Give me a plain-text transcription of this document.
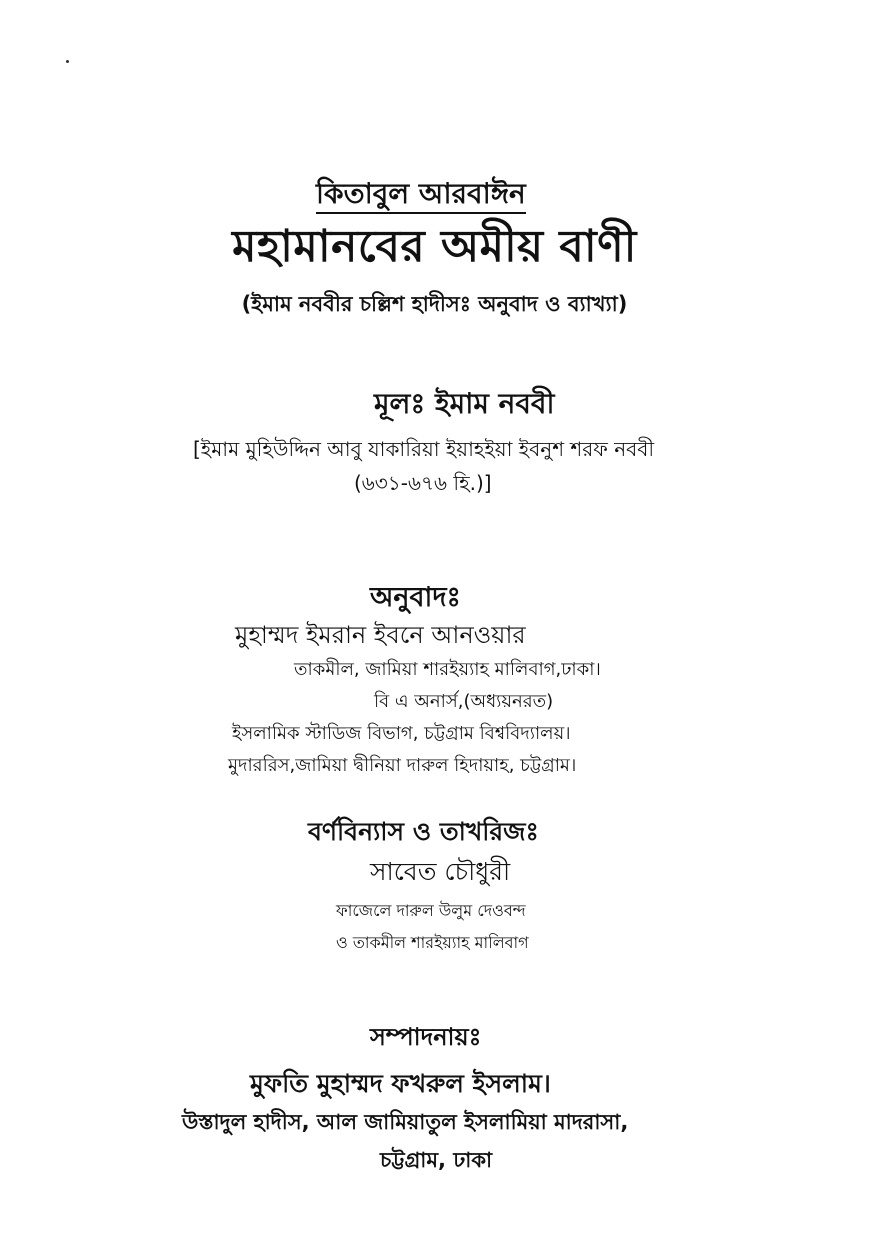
কিতাবুল আরবাঈন
মহামানবের অমীয় বাণী
(ইমাম নববীর চল্লিশ হাদীসঃ অনুবাদ ও ব্যাখ্যা)
মূলঃ ইমাম নববী
[ইমাম মুহিউদ্দিন আবু যাকারিয়া ইয়াহইয়া ইবনুশ শরফ নববী
(৬৩১-৬৭৬ হি.)]
অনুবাদঃ
মুহাম্মদ ইমরান ইবনে আনওয়ার
তাকমীল, জামিয়া শারইয়্যাহ মালিবাগ,ঢাকা।
বি এ অনার্স,(অধ্যয়নরত)
ইসলামিক স্টাডিজ বিভাগ, চট্টগ্রাম বিশ্ববিদ্যালয়।
মুদাররিস,জামিয়া দ্বীনিয়া দারুল হিদায়াহ, চট্টগ্রাম।
বর্ণবিন্যাস ও তাখরিজঃ
সাবেত চৌধুরী
ফাজেলে দারুল উলুম দেওবন্দ
ও তাকমীল শারইয়্যাহ মালিবাগ
সম্পাদনায়ঃ
মুফতি মুহাম্মদ ফখরুল ইসলাম।
উস্তাদুল হাদীস, আল জামিয়াতুল ইসলামিয়া মাদরাসা,
চট্টগ্রাম, ঢাকা
